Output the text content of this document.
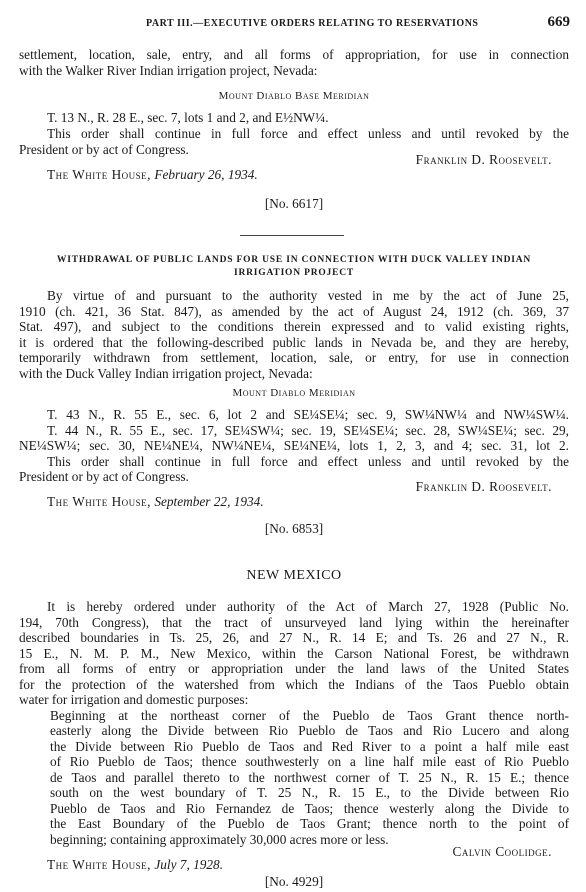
PART III.—EXECUTIVE ORDERS RELATING TO RESERVATIONS	669
settlement, location, sale, entry, and all forms of appropriation, for use in connection
with the Walker River Indian irrigation project, Nevada:
Mount Diablo Base Meridian
T. 13 N., R. 28 E., sec. 7, lots 1 and 2, and E½NW¼.
This order shall continue in full force and effect unless and until revoked by the
President or by act of Congress.
Franklin D. Roosevelt.
The White House, February 26, 1934.
[No. 6617]
WITHDRAWAL OF PUBLIC LANDS FOR USE IN CONNECTION WITH DUCK VALLEY INDIAN
IRRIGATION PROJECT
By virtue of and pursuant to the authority vested in me by the act of June 25,
1910 (ch. 421, 36 Stat. 847), as amended by the act of August 24, 1912 (ch. 369, 37
Stat. 497), and subject to the conditions therein expressed and to valid existing rights,
it is ordered that the following-described public lands in Nevada be, and they are hereby,
temporarily withdrawn from settlement, location, sale, or entry, for use in connection
with the Duck Valley Indian irrigation project, Nevada:
Mount Diablo Meridian
T. 43 N., R. 55 E., sec. 6, lot 2 and SE¼SE¼; sec. 9, SW¼NW¼ and NW¼SW¼.
T. 44 N., R. 55 E., sec. 17, SE¼SW¼; sec. 19, SE¼SE¼; sec. 28, SW¼SE¼; sec. 29,
NE¼SW¼; sec. 30, NE¼NE¼, NW¼NE¼, SE¼NE¼, lots 1, 2, 3, and 4; sec. 31, lot 2.
This order shall continue in full force and effect unless and until revoked by the
President or by act of Congress.
Franklin D. Roosevelt.
The White House, September 22, 1934.
[No. 6853]
NEW MEXICO
It is hereby ordered under authority of the Act of March 27, 1928 (Public No.
194, 70th Congress), that the tract of unsurveyed land lying within the hereinafter
described boundaries in Ts. 25, 26, and 27 N., R. 14 E; and Ts. 26 and 27 N., R.
15 E., N. M. P. M., New Mexico, within the Carson National Forest, be withdrawn
from all forms of entry or appropriation under the land laws of the United States
for the protection of the watershed from which the Indians of the Taos Pueblo obtain
water for irrigation and domestic purposes:
Beginning at the northeast corner of the Pueblo de Taos Grant thence north-
easterly along the Divide between Rio Pueblo de Taos and Rio Lucero and along
the Divide between Rio Pueblo de Taos and Red River to a point a half mile east
of Rio Pueblo de Taos; thence southwesterly on a line half mile east of Rio Pueblo
de Taos and parallel thereto to the northwest corner of T. 25 N., R. 15 E.; thence
south on the west boundary of T. 25 N., R. 15 E., to the Divide between Rio
Pueblo de Taos and Rio Fernandez de Taos; thence westerly along the Divide to
the East Boundary of the Pueblo de Taos Grant; thence north to the point of
beginning; containing approximately 30,000 acres more or less.
Calvin Coolidge.
The White House, July 7, 1928.
[No. 4929]
